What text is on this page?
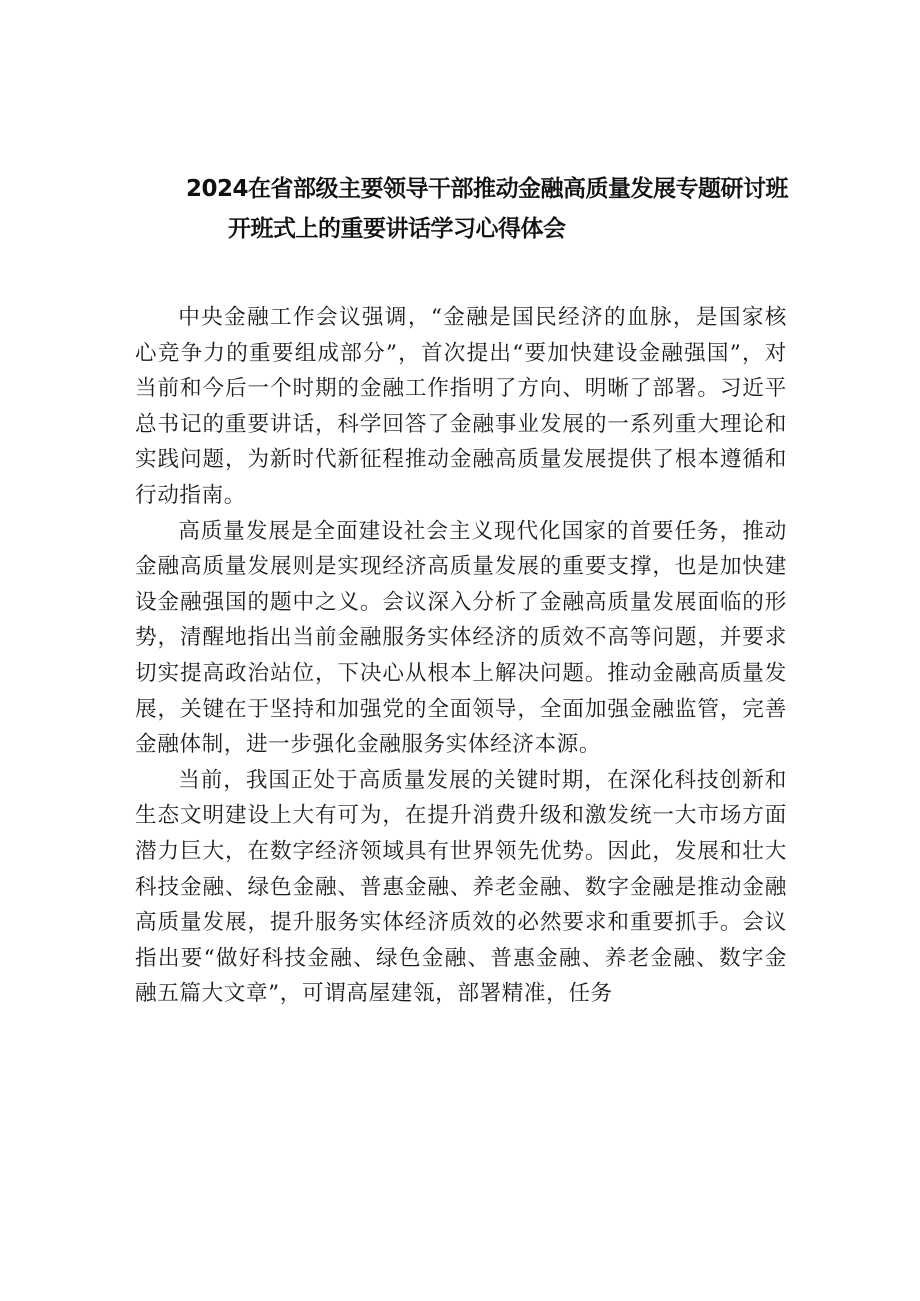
2024在省部级主要领导干部推动金融高质量发展专题研讨班
开班式上的重要讲话学习心得体会

中央金融工作会议强调，“金融是国民经济的血脉，是国家核心竞争力的重要组成部分”，首次提出“要加快建设金融强国”，对当前和今后一个时期的金融工作指明了方向、明晰了部署。习近平总书记的重要讲话，科学回答了金融事业发展的一系列重大理论和实践问题，为新时代新征程推动金融高质量发展提供了根本遵循和行动指南。

高质量发展是全面建设社会主义现代化国家的首要任务，推动金融高质量发展则是实现经济高质量发展的重要支撑，也是加快建设金融强国的题中之义。会议深入分析了金融高质量发展面临的形势，清醒地指出当前金融服务实体经济的质效不高等问题，并要求切实提高政治站位，下决心从根本上解决问题。推动金融高质量发展，关键在于坚持和加强党的全面领导，全面加强金融监管，完善金融体制，进一步强化金融服务实体经济本源。

当前，我国正处于高质量发展的关键时期，在深化科技创新和生态文明建设上大有可为，在提升消费升级和激发统一大市场方面潜力巨大，在数字经济领域具有世界领先优势。因此，发展和壮大科技金融、绿色金融、普惠金融、养老金融、数字金融是推动金融高质量发展，提升服务实体经济质效的必然要求和重要抓手。会议指出要“做好科技金融、绿色金融、普惠金融、养老金融、数字金融五篇大文章”，可谓高屋建瓴，部署精准，任务
